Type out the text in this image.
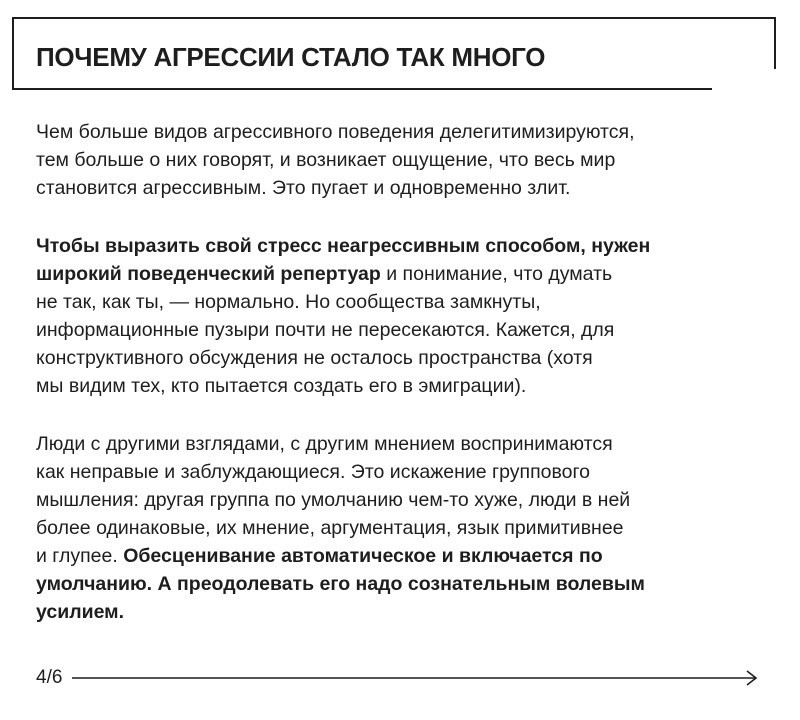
ПОЧЕМУ АГРЕССИИ СТАЛО ТАК МНОГО

Чем больше видов агрессивного поведения делегитимизируются,
тем больше о них говорят, и возникает ощущение, что весь мир
становится агрессивным. Это пугает и одновременно злит.

Чтобы выразить свой стресс неагрессивным способом, нужен
широкий поведенческий репертуар и понимание, что думать
не так, как ты, — нормально. Но сообщества замкнуты,
информационные пузыри почти не пересекаются. Кажется, для
конструктивного обсуждения не осталось пространства (хотя
мы видим тех, кто пытается создать его в эмиграции).

Люди с другими взглядами, с другим мнением воспринимаются
как неправые и заблуждающиеся. Это искажение группового
мышления: другая группа по умолчанию чем-то хуже, люди в ней
более одинаковые, их мнение, аргументация, язык примитивнее
и глупее. Обесценивание автоматическое и включается по
умолчанию. А преодолевать его надо сознательным волевым
усилием.

4/6
